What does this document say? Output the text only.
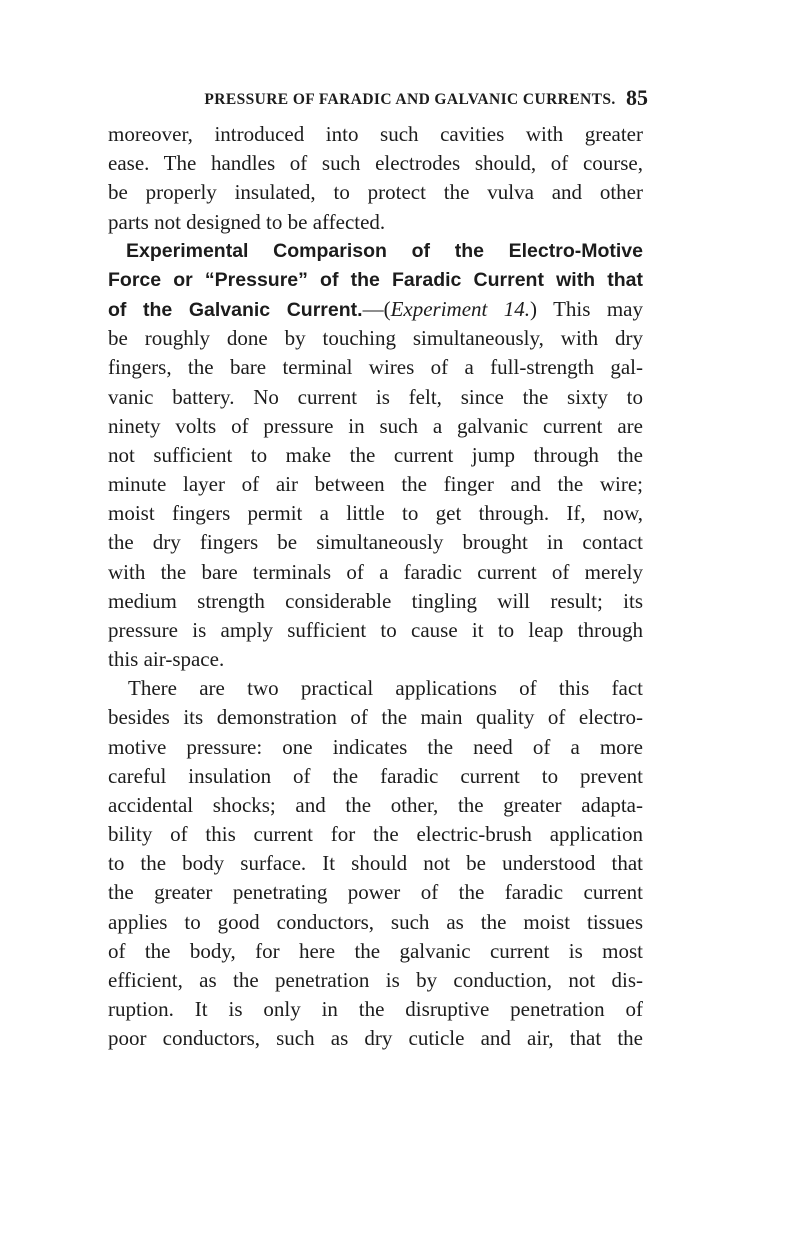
PRESSURE OF FARADIC AND GALVANIC CURRENTS. 85
moreover, introduced into such cavities with greater
ease. The handles of such electrodes should, of course,
be properly insulated, to protect the vulva and other
parts not designed to be affected.
Experimental Comparison of the Electro-Motive
Force or “Pressure” of the Faradic Current with that
of the Galvanic Current.—(Experiment 14.) This may
be roughly done by touching simultaneously, with dry
fingers, the bare terminal wires of a full-strength gal-
vanic battery. No current is felt, since the sixty to
ninety volts of pressure in such a galvanic current are
not sufficient to make the current jump through the
minute layer of air between the finger and the wire;
moist fingers permit a little to get through. If, now,
the dry fingers be simultaneously brought in contact
with the bare terminals of a faradic current of merely
medium strength considerable tingling will result; its
pressure is amply sufficient to cause it to leap through
this air-space.
There are two practical applications of this fact
besides its demonstration of the main quality of electro-
motive pressure: one indicates the need of a more
careful insulation of the faradic current to prevent
accidental shocks; and the other, the greater adapta-
bility of this current for the electric-brush application
to the body surface. It should not be understood that
the greater penetrating power of the faradic current
applies to good conductors, such as the moist tissues
of the body, for here the galvanic current is most
efficient, as the penetration is by conduction, not dis-
ruption. It is only in the disruptive penetration of
poor conductors, such as dry cuticle and air, that the
